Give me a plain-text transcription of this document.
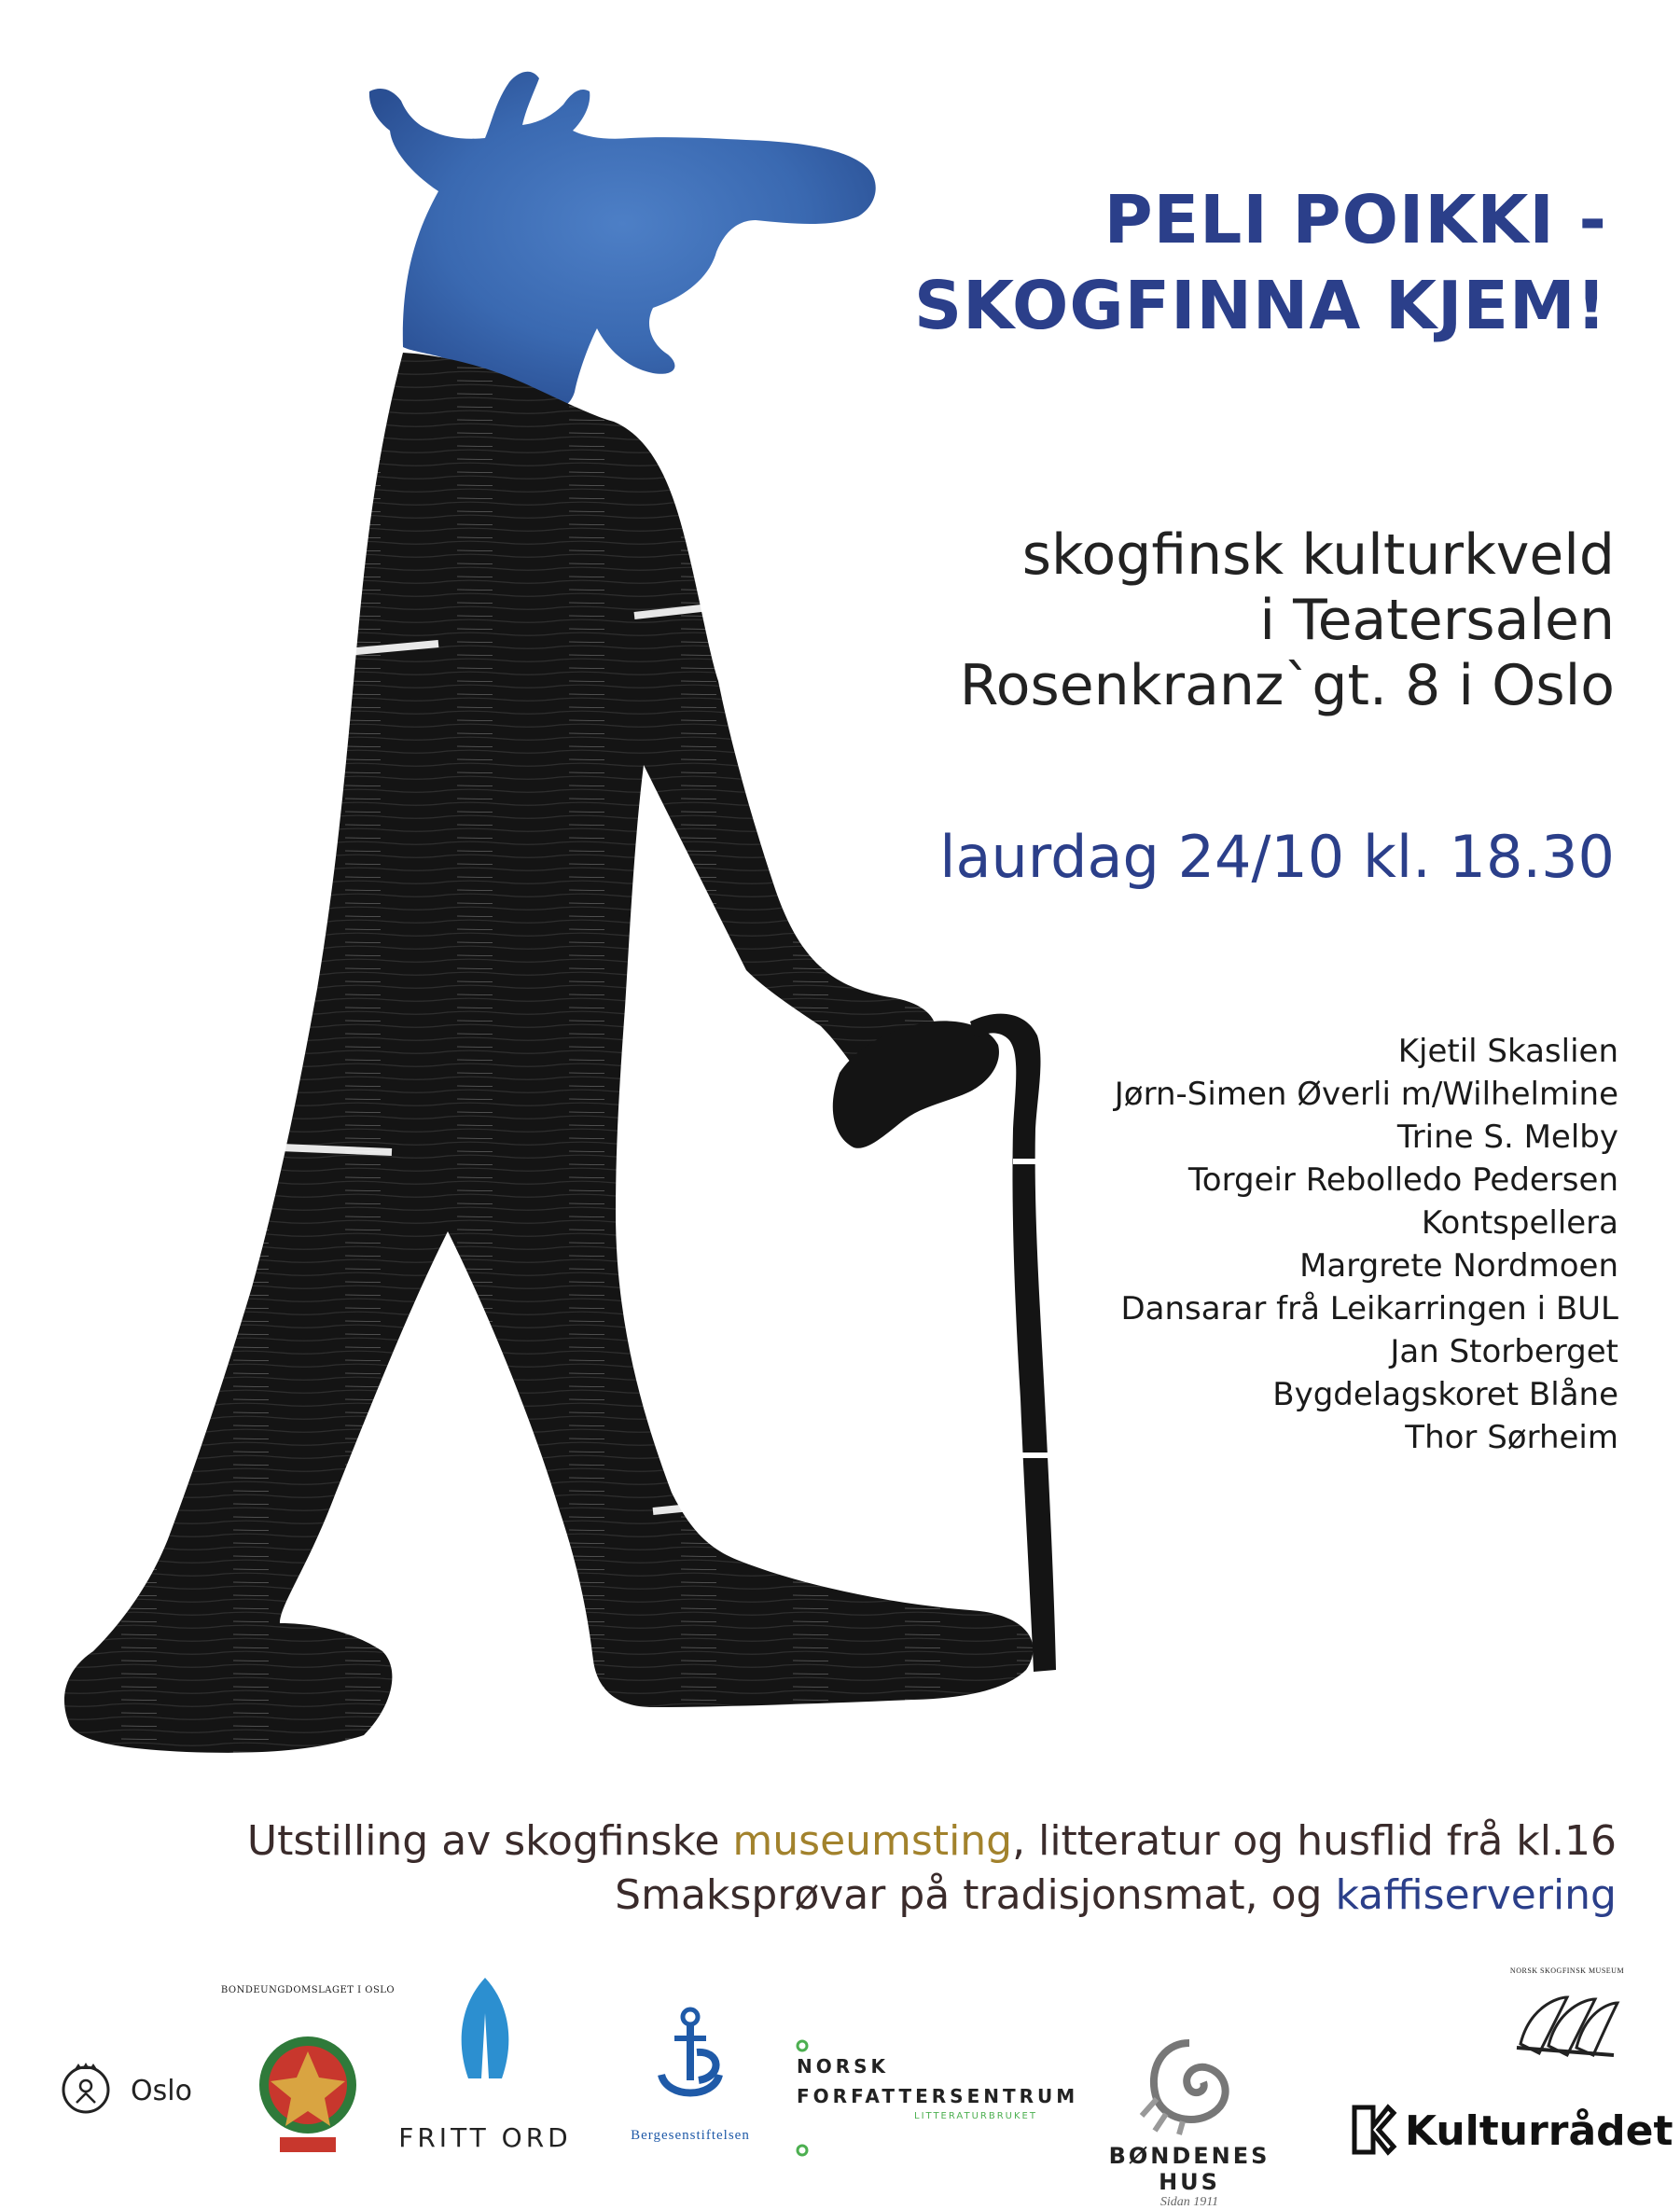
PELI POIKKI -
SKOGFINNA KJEM!
skogfinsk kulturkveld
i Teatersalen
Rosenkranz`gt. 8 i Oslo
laurdag 24/10 kl. 18.30
Kjetil Skaslien
Jørn-Simen Øverli m/Wilhelmine
Trine S. Melby
Torgeir Rebolledo Pedersen
Kontspellera
Margrete Nordmoen
Dansarar frå Leikarringen i BUL
Jan Storberget
Bygdelagskoret Blåne
Thor Sørheim
Utstilling av skogfinske museumsting, litteratur og husflid frå kl.16
Smaksprøvar på tradisjonsmat, og kaffiservering
Oslo
BONDEUNGDOMSLAGET I OSLO
FRITT ORD	Bergesenstiftelsen
NORSK
FORFATTERSENTRUM
LITTERATURBRUKET
BØNDENES HUS
Sidan 1911
NORSK SKOGFINSK MUSEUM
Kulturrådet
